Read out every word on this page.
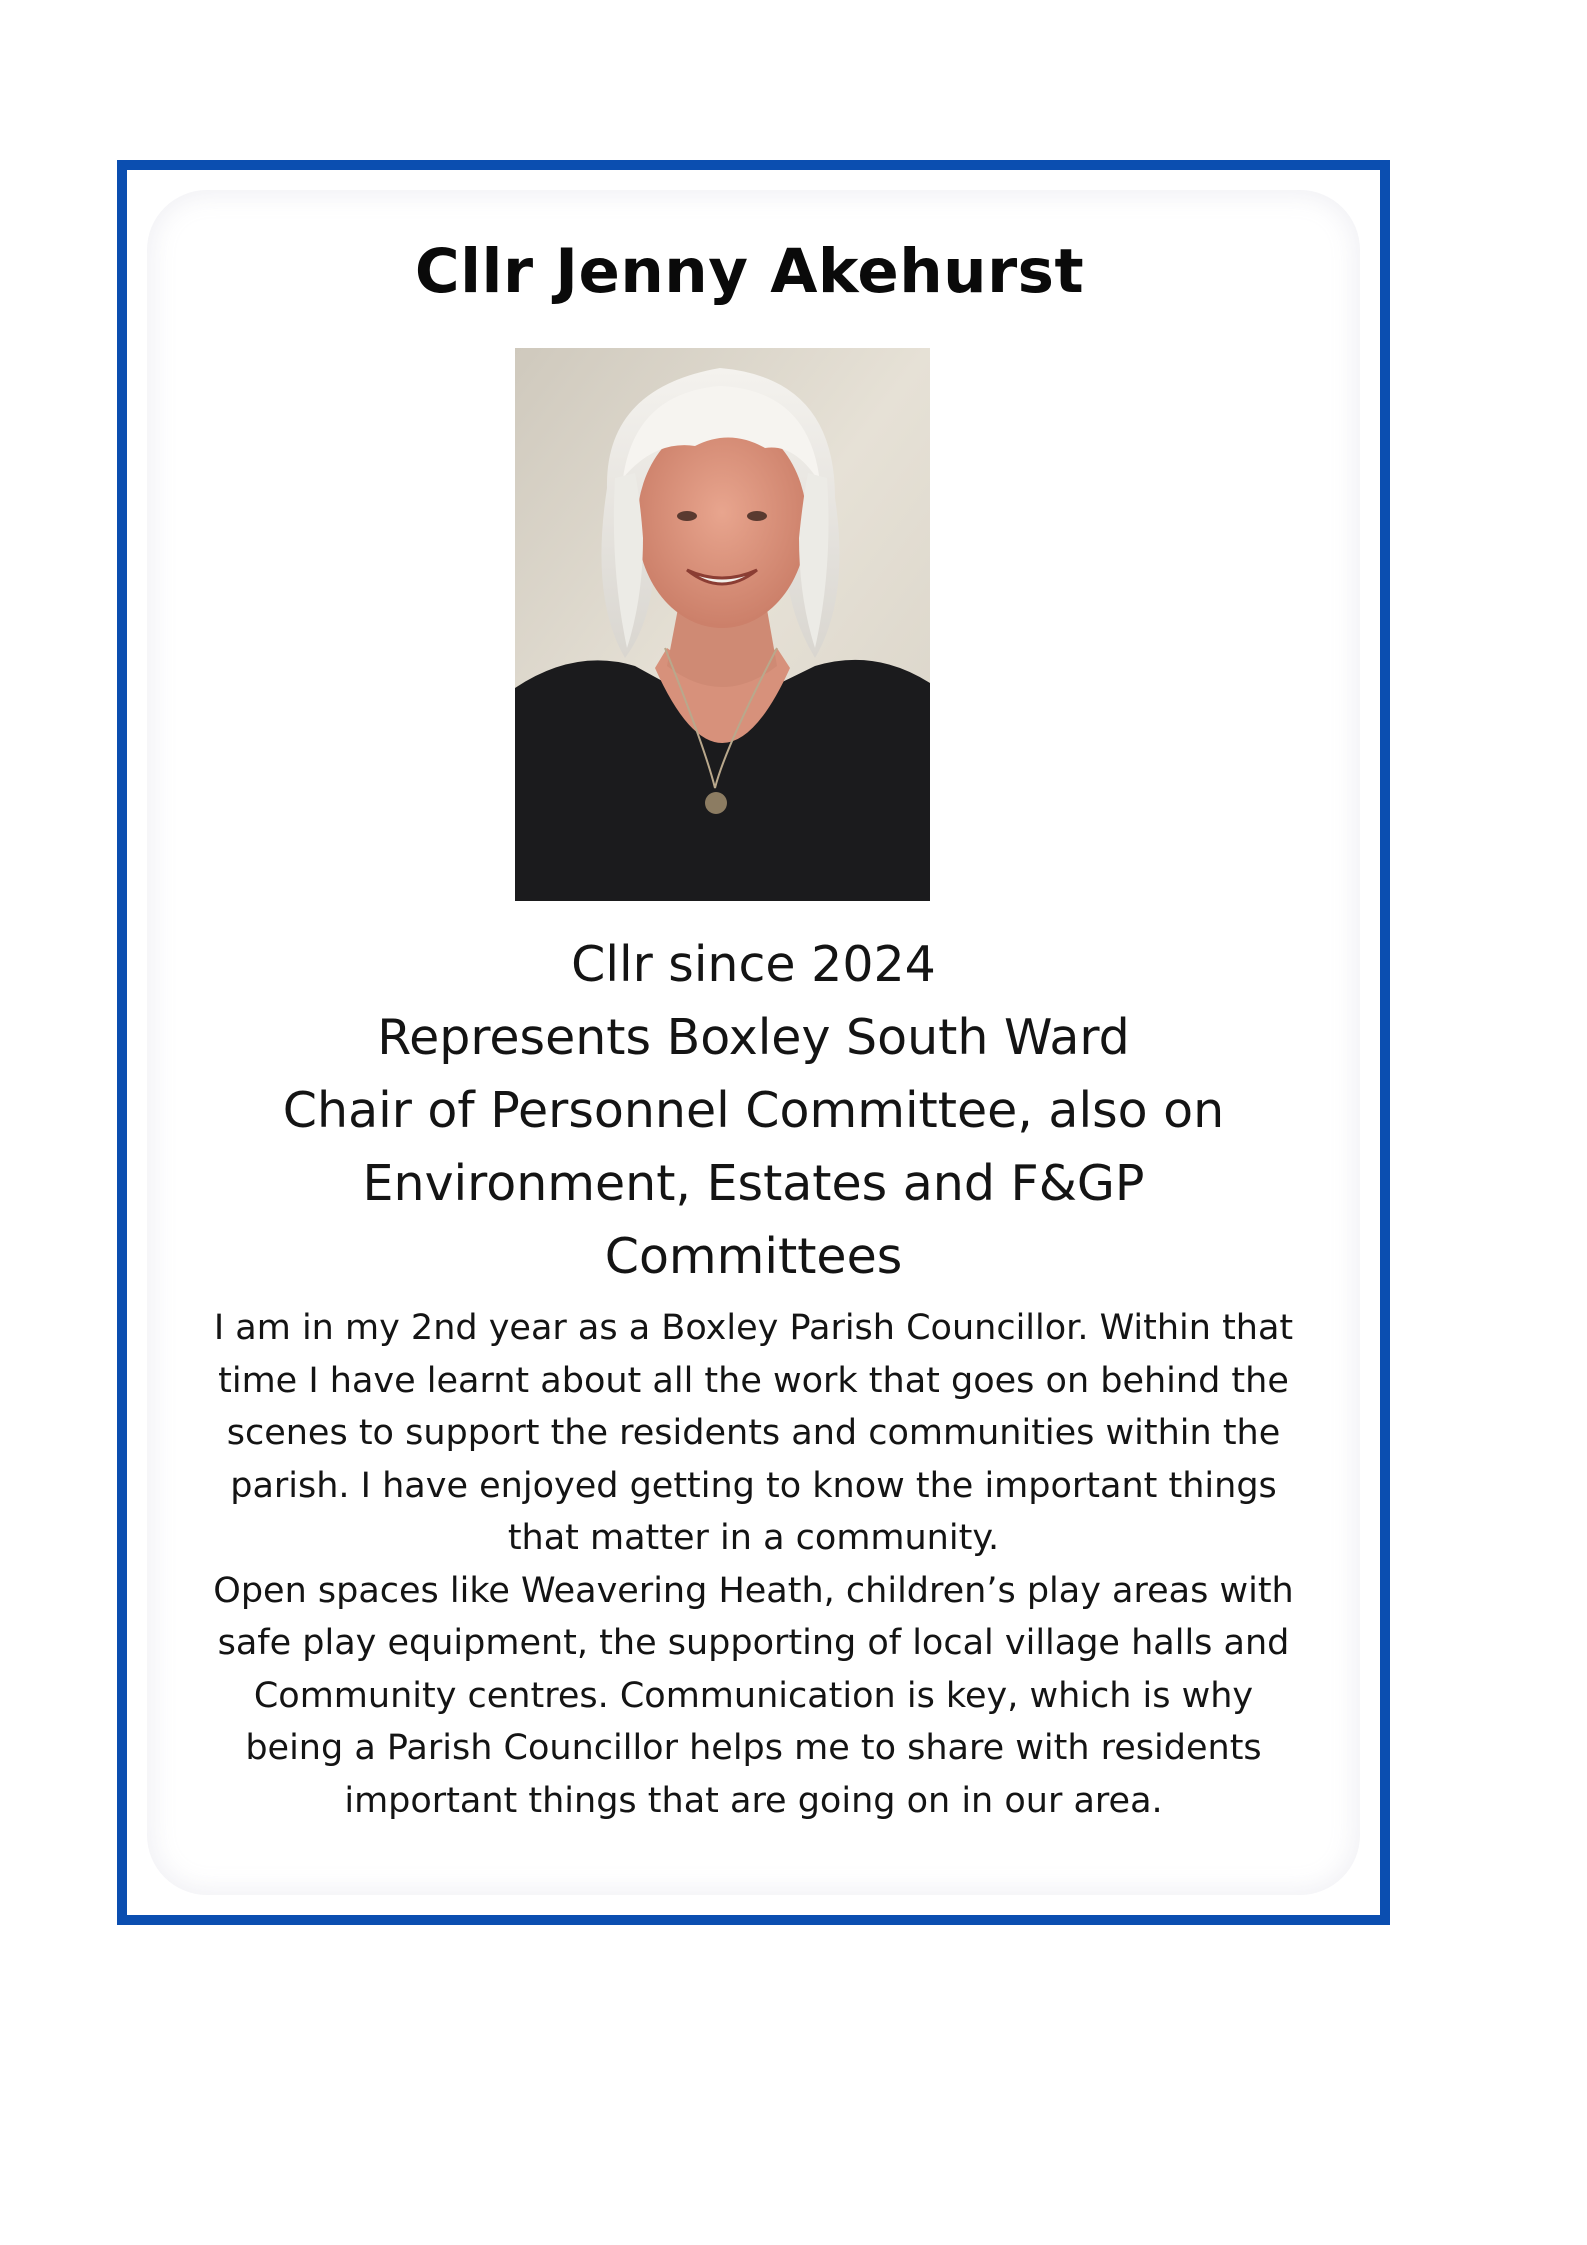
Cllr Jenny Akehurst
Cllr since 2024
Represents Boxley South Ward
Chair of Personnel Committee, also on
Environment, Estates and F&GP
Committees
I am in my 2nd year as a Boxley Parish Councillor. Within that
time I have learnt about all the work that goes on behind the
scenes to support the residents and communities within the
parish. I have enjoyed getting to know the important things
that matter in a community.
Open spaces like Weavering Heath, children’s play areas with
safe play equipment, the supporting of local village halls and
Community centres. Communication is key, which is why
being a Parish Councillor helps me to share with residents
important things that are going on in our area.
